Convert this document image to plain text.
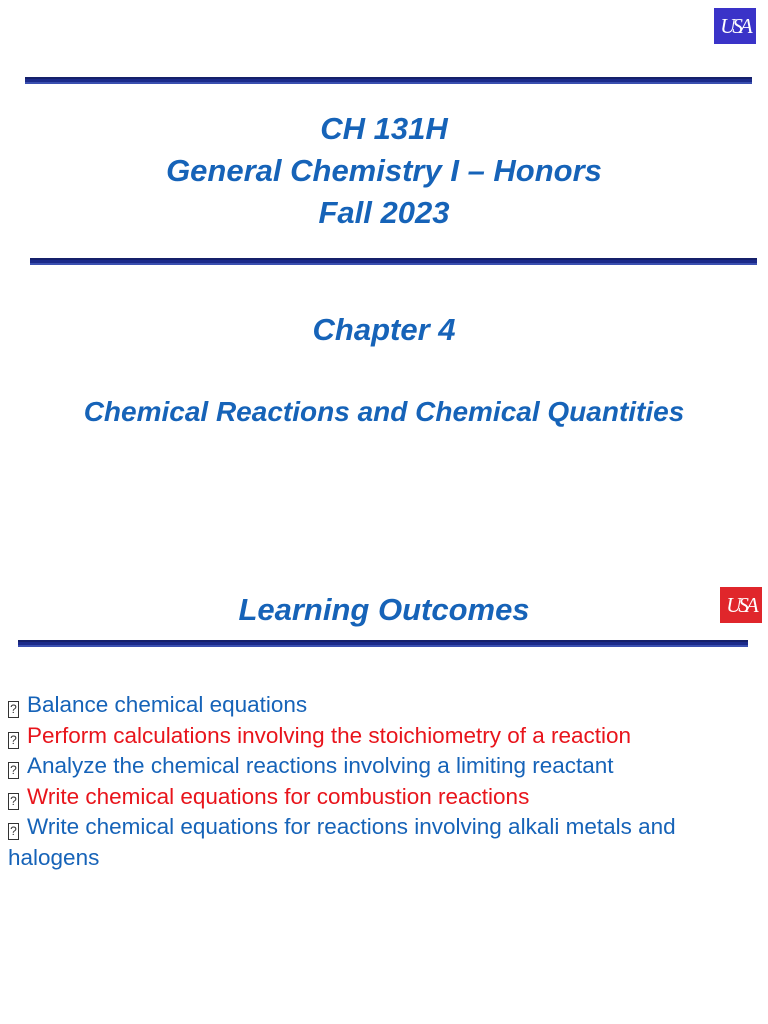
USA
CH 131H
General Chemistry I – Honors
Fall 2023
Chapter 4
Chemical Reactions and Chemical Quantities
USA
Learning Outcomes
? Balance chemical equations
? Perform calculations involving the stoichiometry of a reaction
? Analyze the chemical reactions involving a limiting reactant
? Write chemical equations for combustion reactions
? Write chemical equations for reactions involving alkali metals and halogens
